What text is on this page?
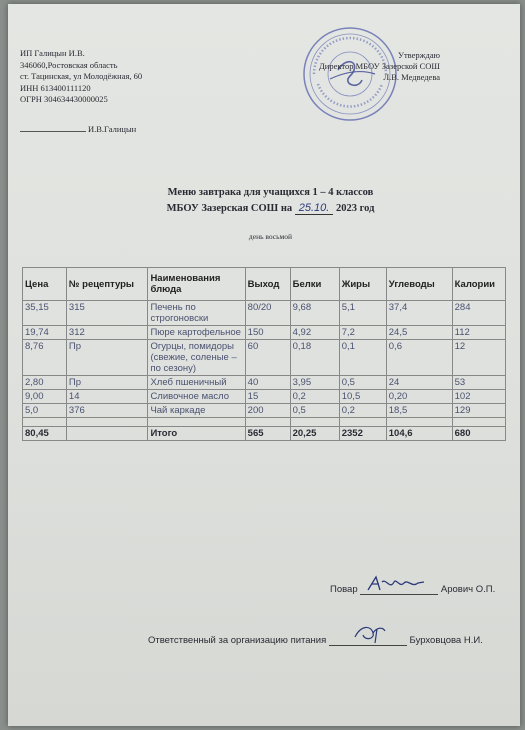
ИП Галицын И.В.
346060,Ростовская область
ст. Тацинская, ул Молодёжная, 60
ИНН 613400111120
ОГРН 304634430000025
И.В.Галицын
Утверждаю
Директор МБОУ Зазерской СОШ
Л.В. Медведева
Меню завтрака для учащихся 1 – 4 классов
МБОУ Зазерская СОШ на 25.10. 2023 год
день восьмой
Цена	№ рецептуры	Наименования блюда	Выход	Белки	Жиры	Углеводы	Калории
35,15	315	Печень по строгоновски	80/20	9,68	5,1	37,4	284
19,74	312	Пюре картофельное	150	4,92	7,2	24,5	112
8,76	Пр	Огурцы, помидоры (свежие, соленые – по сезону)	60	0,18	0,1	0,6	12
2,80	Пр	Хлеб пшеничный	40	3,95	0,5	24	53
9,00	14	Сливочное масло	15	0,2	10,5	0,20	102
5,0	376	Чай каркаде	200	0,5	0,2	18,5	129

80,45		Итого	565	20,25	2352	104,6	680
Повар	Арович О.П.
Ответственный за организацию питания	Бурховцова Н.И.
